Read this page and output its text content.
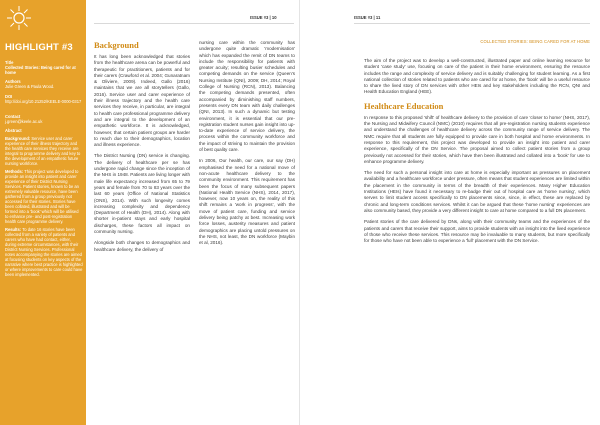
HIGHLIGHT #3
Title
Collected Stories: Being cared for at home
Authors
Julie Green & Paula Wood.
DOI
http://doi.org/10.21252/KEELE-0000-0317
Contact
j.green@keele.ac.uk
Abstract
Background: Service user and carer experience of their illness trajectory and the health care services they receive are integral to programme delivery and key to the development of an empathetic future nursing workforce.
Methods: This project was developed to provide an insight into patient and carer experience of their District Nursing Services. Patient stories, known to be an extremely valuable resource, have been gathered from a group previously not accessed for their stories. Stories have been collated, illustrated and will be formed into a 'book' which will be utilised to enhance pre- and post-registration health care programme delivery.
Results: To date 16 stories have been collected from a variety of patients and carers who have had contact, either, during extreme circumstances, with their District Nursing Services. Professional notes accompanying the stories are aimed at focusing students on key aspects of the narrative where best practice is highlighted or where improvements to care could have been implemented.
ISSUE #3 | 10
Background

It has long been acknowledged that stories from the healthcare arena can be powerful and therapeutic for practitioners, patients and for their carers (Crawford et al. 2004; Gunaratnam & Oliviere, 2009). Indeed, Gallo (2016) maintains that we are all storytellers (Gallo, 2016). Service user and carer experience of their illness trajectory and the health care services they receive, in particular, are integral to health care professional programme delivery and are integral to the development of an empathetic workforce. It is acknowledged, however, that certain patient groups are harder to reach due to their demographics, location and illness experience.

The District Nursing (DN) service is changing. The delivery of healthcare per se has undergone rapid change since the inception of the NHS in 1948. Patients are living longer with male life expectancy increased from 65 to 79 years and female from 70 to 83 years over the last 60 years (Office of National Statistics (ONS), 2014). With such longevity comes increasing complexity and dependency (Department of Health (DH), 2014). Along with shorter in-patient stays and early hospital discharges, these factors all impact on community nursing.

Alongside both changes to demographics and healthcare delivery, the delivery of

nursing care within the community has undergone quite dramatic 'modernisation' which has expanded the remit of DN teams to include the responsibility for patients with greater acuity; resulting busier schedules and competing demands on the service (Queen's Nursing Institute (QNI), 2009; DH, 2014; Royal College of Nursing (RCN), 2013). Balancing the competing demands presented, often accompanied by diminishing staff numbers, presents every DN team with daily challenges (QNI, 2013). In such a dynamic but testing environment, it is essential that our pre-registration student nurses gain insight into up-to-date experience of service delivery, the process within the community workforce and the impact of striving to maintain the provision of best quality care.

In 2006, Our health, our care, our say (DH) emphasised the need for a national move of non-acute healthcare delivery to the community environment. This requirement has been the focus of many subsequent papers (National Health Service (NHS), 2014, 2017), however, now 10 years on, the reality of this shift remains a 'work in progress', with the move of patient care, funding and service delivery being patchy at best. Increasing work force losses, austerity measures and patient demographics are placing untold pressures on the NHS, not least, the DN workforce (Maybin et al, 2016).

ISSUE #3 | 11
COLLECTED STORIES: BEING CARED FOR AT HOME

The aim of the project was to develop a well-constructed, illustrated paper and online learning resource for student 'case study' use, focusing on care of the patient in their home environment, ensuring the resource includes the range and complexity of service delivery and is suitably challenging for student learning. As a first national collection of stories related to patients who are cared for at home, the 'book' will be a useful resource to share the lived story of DN services with other HEIs and key stakeholders including the RCN, QNI and Health Education England (HEE).

Healthcare Education

In response to this proposed 'shift' of healthcare delivery to the provision of care 'closer to home' (NHS, 2017), the Nursing and Midwifery Council (NMC) (2010) requires that all pre-registration nursing students experience and understand the challenges of healthcare delivery across the community range of service delivery. The NMC require that all students are fully equipped to provide care in both hospital and home environments. In response to this requirement, this project was developed to provide an insight into patient and carer experience, specifically of the DN Service. The proposal aimed to collect patient stories from a group previously not accessed for their stories, which have then been illustrated and collated into a 'book' for use to enhance programme delivery.

The need for such a personal insight into care at home is especially important as pressures on placement availability and a healthcare workforce under pressure, often means that student experiences are limited within the placement in the community in terms of the breadth of their experiences. Many Higher Education Institutions (HEIs) have found it necessary to re-badge their out of hospital care as 'home nursing', which serves to limit student access specifically to DN placements since, since, in effect, these are replaced by chronic and long-term conditions services. Whilst it can be argued that these 'home nursing' experiences are also community based, they provide a very different insight to care at home compared to a full DN placement.

Patient stories of the care delivered by DNs, along with their community teams and the experiences of the patients and carers that receive their support, aims to provide students with an insight into the lived experience of those who receive these services. This resource may be invaluable to many students, but more specifically for those who have not been able to experience a 'full' placement with the DN Service.
